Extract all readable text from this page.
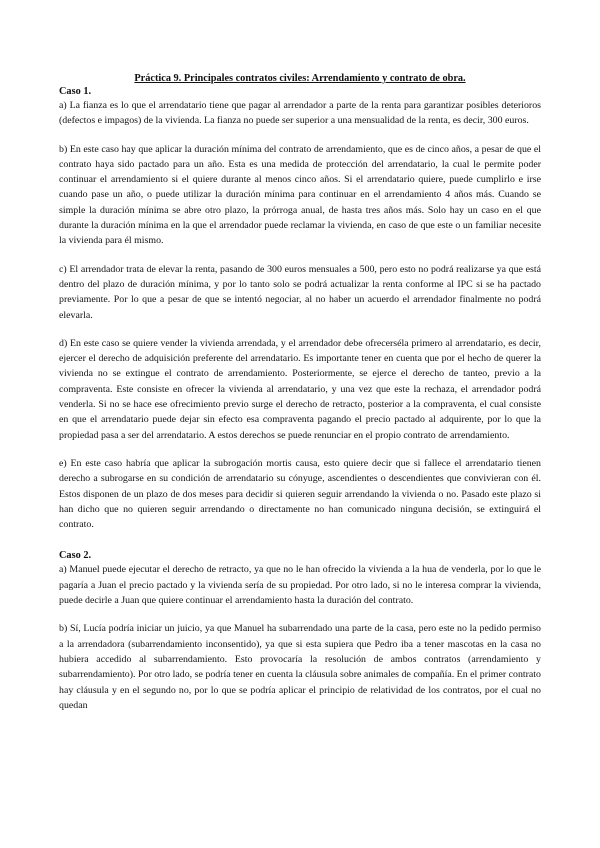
Práctica 9. Principales contratos civiles: Arrendamiento y contrato de obra.

Caso 1.

a) La fianza es lo que el arrendatario tiene que pagar al arrendador a parte de la renta para garantizar posibles deterioros (defectos e impagos) de la vivienda. La fianza no puede ser superior a una mensualidad de la renta, es decir, 300 euros.

b) En este caso hay que aplicar la duración mínima del contrato de arrendamiento, que es de cinco años, a pesar de que el contrato haya sido pactado para un año. Esta es una medida de protección del arrendatario, la cual le permite poder continuar el arrendamiento si el quiere durante al menos cinco años. Si el arrendatario quiere, puede cumplirlo e irse cuando pase un año, o puede utilizar la duración mínima para continuar en el arrendamiento 4 años más. Cuando se simple la duración mínima se abre otro plazo, la prórroga anual, de hasta tres años más. Solo hay un caso en el que durante la duración mínima en la que el arrendador puede reclamar la vivienda, en caso de que este o un familiar necesite la vivienda para él mismo.

c) El arrendador trata de elevar la renta, pasando de 300 euros mensuales a 500, pero esto no podrá realizarse ya que está dentro del plazo de duración mínima, y por lo tanto solo se podrá actualizar la renta conforme al IPC si se ha pactado previamente. Por lo que a pesar de que se intentó negociar, al no haber un acuerdo el arrendador finalmente no podrá elevarla.

d) En este caso se quiere vender la vivienda arrendada, y el arrendador debe ofrecerséla primero al arrendatario, es decir, ejercer el derecho de adquisición preferente del arrendatario. Es importante tener en cuenta que por el hecho de querer la vivienda no se extingue el contrato de arrendamiento. Posteriormente, se ejerce el derecho de tanteo, previo a la compraventa. Este consiste en ofrecer la vivienda al arrendatario, y una vez que este la rechaza, el arrendador podrá venderla. Si no se hace ese ofrecimiento previo surge el derecho de retracto, posterior a la compraventa, el cual consiste en que el arrendatario puede dejar sin efecto esa compraventa pagando el precio pactado al adquirente, por lo que la propiedad pasa a ser del arrendatario. A estos derechos se puede renunciar en el propio contrato de arrendamiento.

e) En este caso habría que aplicar la subrogación mortis causa, esto quiere decir que si fallece el arrendatario tienen derecho a subrogarse en su condición de arrendatario su cónyuge, ascendientes o descendientes que convivieran con él. Estos disponen de un plazo de dos meses para decidir si quieren seguir arrendando la vivienda o no. Pasado este plazo si han dicho que no quieren seguir arrendando o directamente no han comunicado ninguna decisión, se extinguirá el contrato.

Caso 2.

a) Manuel puede ejecutar el derecho de retracto, ya que no le han ofrecido la vivienda a la hua de venderla, por lo que le pagaría a Juan el precio pactado y la vivienda sería de su propiedad. Por otro lado, si no le interesa comprar la vivienda, puede decirle a Juan que quiere continuar el arrendamiento hasta la duración del contrato.

b) Sí, Lucía podría iniciar un juicio, ya que Manuel ha subarrendado una parte de la casa, pero este no la pedido permiso a la arrendadora (subarrendamiento inconsentido), ya que si esta supiera que Pedro iba a tener mascotas en la casa no hubiera accedido al subarrendamiento. Esto provocaría la resolución de ambos contratos (arrendamiento y subarrendamiento). Por otro lado, se podría tener en cuenta la cláusula sobre animales de compañía. En el primer contrato hay cláusula y en el segundo no, por lo que se podría aplicar el principio de relatividad de los contratos, por el cual no quedan
